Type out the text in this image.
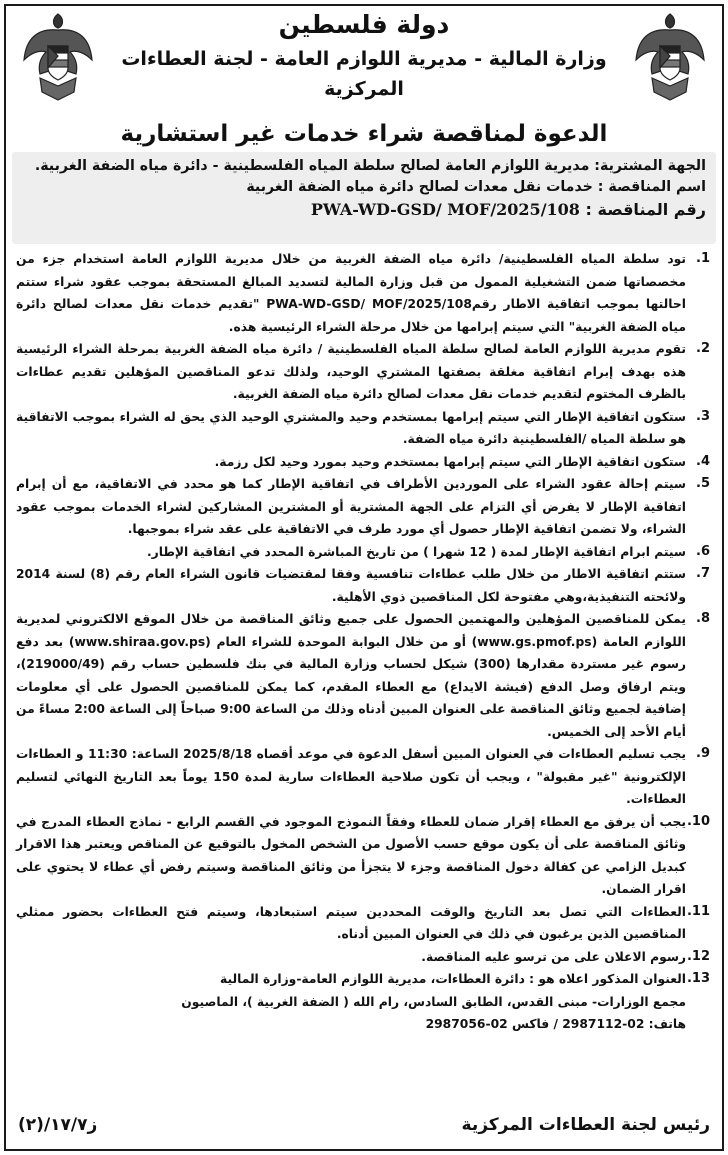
دولة فلسطين
وزارة المالية - مديرية اللوازم العامة - لجنة العطاءات المركزية
الدعوة لمناقصة شراء خدمات غير استشارية
الجهة المشترية: مديرية اللوازم العامة لصالح سلطة المياه الفلسطينية - دائرة مياه الضفة الغربية.
اسم المناقصة : خدمات نقل معدات لصالح دائرة مياه الضفة الغربية
رقم المناقصة : PWA-WD-GSD/ MOF/2025/108
1.
تود سلطة المياه الفلسطينية/ دائرة مياه الضفة الغربية من خلال مديرية اللوازم العامة استخدام جزء من مخصصاتها ضمن التشغيلية الممول من قبل وزارة المالية لتسديد المبالغ المستحقة بموجب عقود شراء ستتم احالتها بموجب اتفاقية الاطار رقمPWA-WD-GSD/ MOF/2025/108 "تقديم خدمات نقل معدات لصالح دائرة مياه الضفة الغربية" التي سيتم إبرامها من خلال مرحلة الشراء الرئيسية هذه.
2.
تقوم مديرية اللوازم العامة لصالح سلطة المياه الفلسطينية / دائرة مياه الضفة الغربية بمرحلة الشراء الرئيسية هذه بهدف إبرام اتفاقية مغلقة بصفتها المشتري الوحيد، ولذلك تدعو المناقصين المؤهلين تقديم عطاءات بالظرف المختوم لتقديم خدمات نقل معدات لصالح دائرة مياه الضفة الغربية.
3.
ستكون اتفاقية الإطار التي سيتم إبرامها بمستخدم وحيد والمشتري الوحيد الذي يحق له الشراء بموجب الاتفاقية هو سلطة المياه /الفلسطينية دائرة مياه الضفة.
4.
ستكون اتفاقية الإطار التي سيتم إبرامها بمستخدم وحيد بمورد وحيد لكل رزمة.
5.
سيتم إحالة عقود الشراء على الموردين الأطراف في اتفاقية الإطار كما هو محدد في الاتفاقية، مع أن إبرام اتفاقية الإطار لا يفرض أي التزام على الجهة المشترية أو المشترين المشاركين لشراء الخدمات بموجب عقود الشراء، ولا تضمن اتفاقية الإطار حصول أي مورد طرف في الاتفاقية على عقد شراء بموجبها.
6.
سيتم ابرام اتفاقية الإطار لمدة ( 12 شهرا ) من تاريخ المباشرة المحدد في اتفاقية الإطار.
7.
ستتم اتفاقية الاطار من خلال طلب عطاءات تنافسية وفقا لمقتضيات قانون الشراء العام رقم (8) لسنة 2014 ولائحته التنفيذية،وهي مفتوحة لكل المناقصين ذوي الأهلية.
8.
يمكن للمناقصين المؤهلين والمهتمين الحصول على جميع وثائق المناقصة من خلال الموقع الالكتروني لمديرية اللوازم العامة (www.gs.pmof.ps) أو من خلال البوابة الموحدة للشراء العام (www.shiraa.gov.ps) بعد دفع رسوم غير مستردة مقدارها (300) شيكل لحساب وزارة المالية في بنك فلسطين حساب رقم (219000/49)، ويتم ارفاق وصل الدفع (فيشة الايداع) مع العطاء المقدم، كما يمكن للمناقصين الحصول على أي معلومات إضافية لجميع وثائق المناقصة على العنوان المبين أدناه وذلك من الساعة 9:00 صباحاً إلى الساعة 2:00 مساءً من أيام الأحد إلى الخميس.
9.
يجب تسليم العطاءات في العنوان المبين أسفل الدعوة في موعد أقصاه 2025/8/18 الساعة: 11:30 و العطاءات الإلكترونية "غير مقبولة" ، ويجب أن تكون صلاحية العطاءات سارية لمدة 150 يوماً بعد التاريخ النهائي لتسليم العطاءات.
10.
يجب أن يرفق مع العطاء إقرار ضمان للعطاء وفقاً النموذج الموجود في القسم الرابع - نماذج العطاء المدرج في وثائق المناقصة على أن يكون موقع حسب الأصول من الشخص المخول بالتوقيع عن المناقص ويعتبر هذا الاقرار كبديل الزامي عن كفالة دخول المناقصة وجزء لا يتجزأ من وثائق المناقصة وسيتم رفض أي عطاء لا يحتوي على اقرار الضمان.
11.
العطاءات التي تصل بعد التاريخ والوقت المحددين سيتم استبعادها، وسيتم فتح العطاءات بحضور ممثلي المناقصين الذين يرغبون في ذلك في العنوان المبين أدناه.
12.
رسوم الاعلان على من ترسو عليه المناقصة.
13.
العنوان المذكور اعلاه هو : دائرة العطاءات، مديرية اللوازم العامة-وزارة المالية
مجمع الوزارات- مبنى القدس، الطابق السادس، رام الله ( الضفة الغربية )، الماصيون
هاتف: 02-2987112 / فاكس 02-2987056
رئيس لجنة العطاءات المركزية
ز١٧/٧/(٢)
